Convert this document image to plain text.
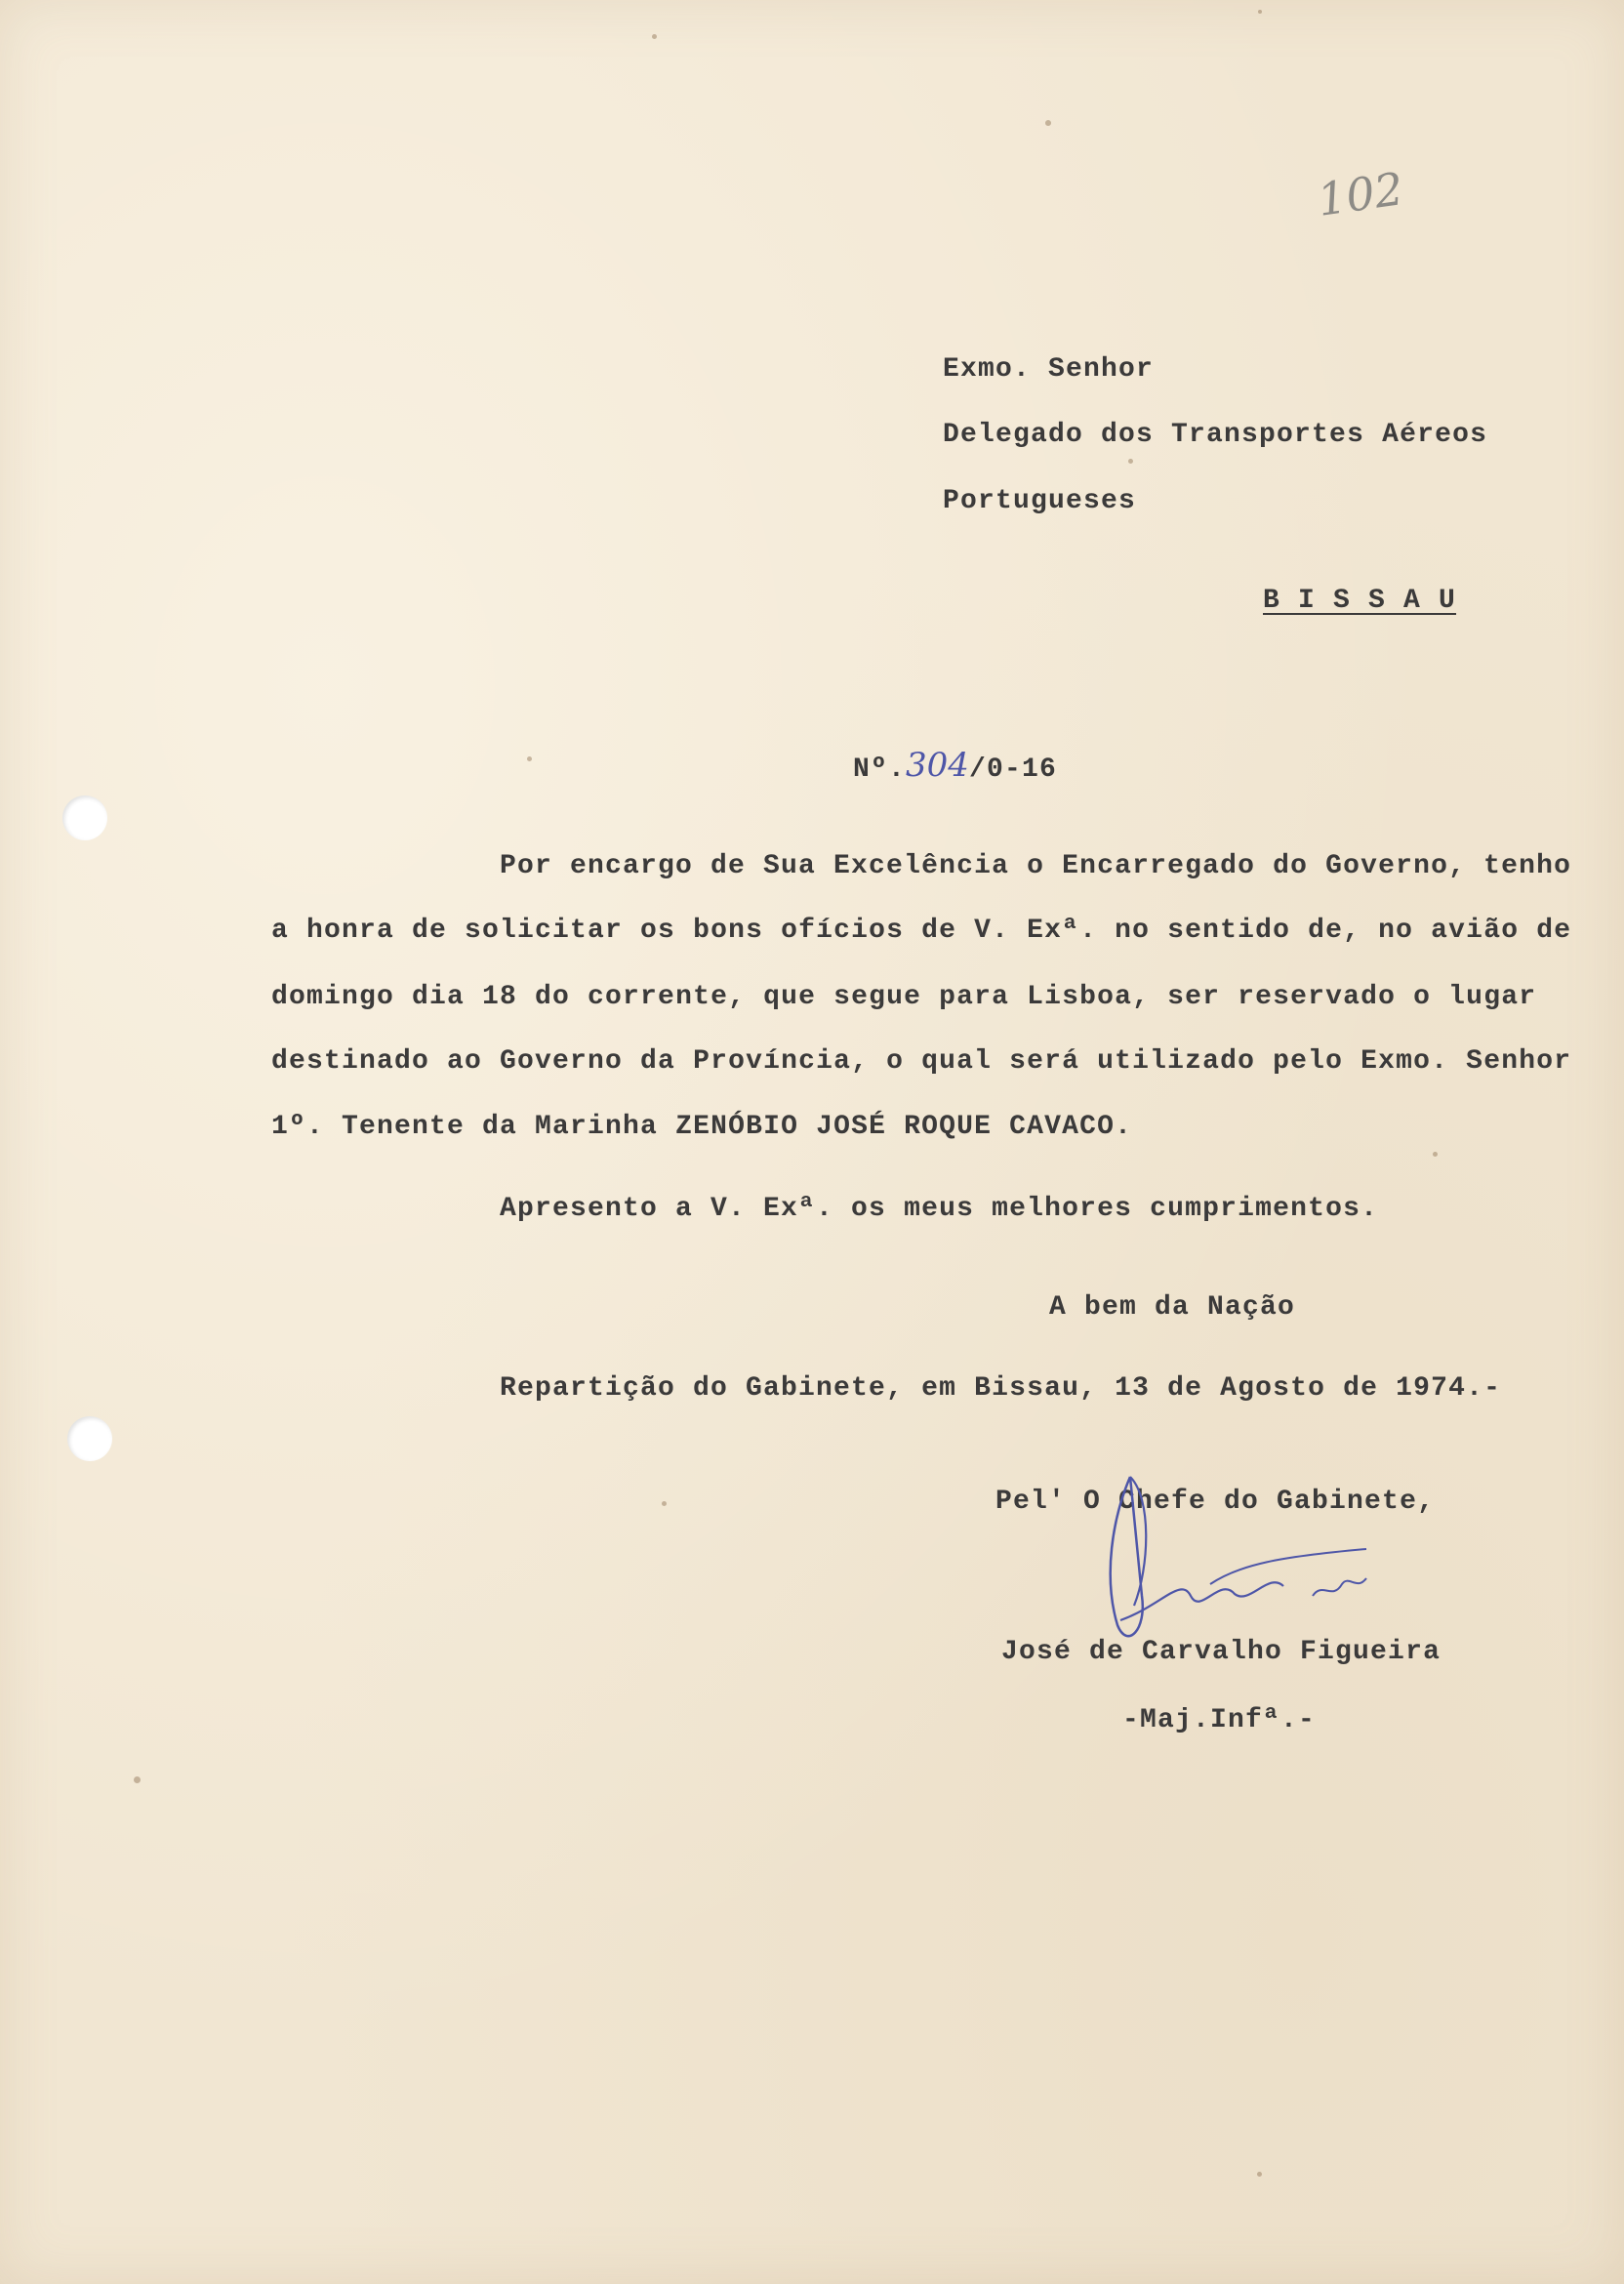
102

Exmo. Senhor

Delegado dos Transportes Aéreos

Portugueses

B I S S A U

Nº.304/0-16

Por encargo de Sua Excelência o Encarregado do Governo, tenho

a honra de solicitar os bons ofícios de V. Exª. no sentido de, no avião de

domingo dia 18 do corrente, que segue para Lisboa, ser reservado o lugar

destinado ao Governo da Província, o qual será utilizado pelo Exmo. Senhor

1º. Tenente da Marinha ZENÓBIO JOSÉ ROQUE CAVACO.

Apresento a V. Exª. os meus melhores cumprimentos.

A bem da Nação

Repartição do Gabinete, em Bissau, 13 de Agosto de 1974.-

Pel' O Chefe do Gabinete,

José de Carvalho Figueira

-Maj.Infª.-
